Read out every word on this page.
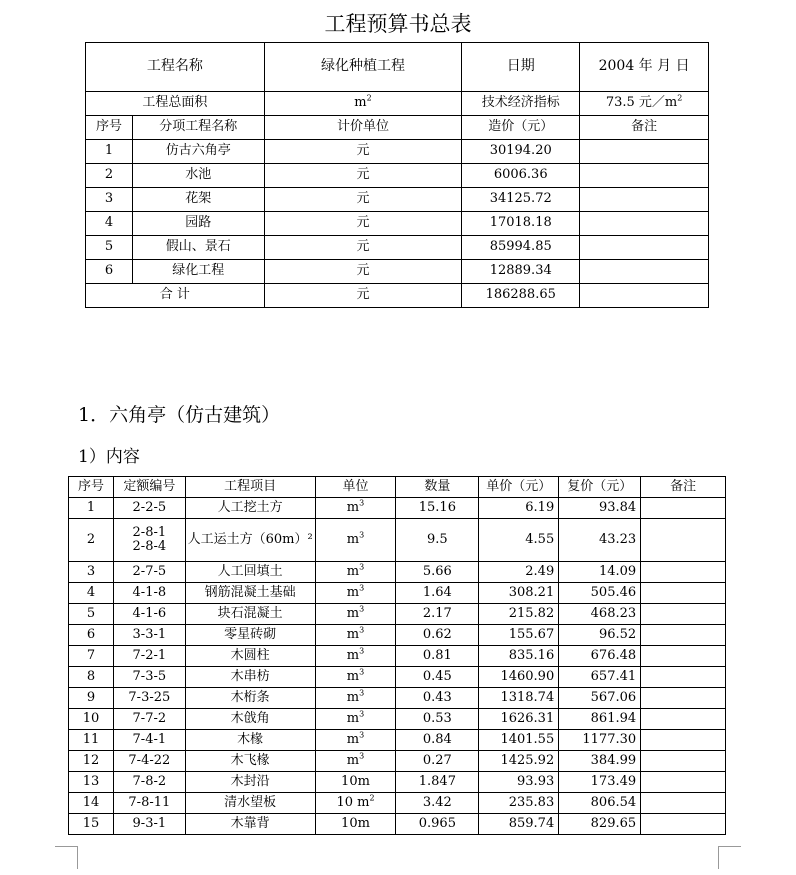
工程预算书总表
工程名称		绿化种植工程	日期	2004 年 月 日
工程总面积		$m^2$	技术经济指标	73.5 元$/m^2$
序号	分项工程名称	计价单位	造价（元）	备注
1	仿古六角亭	元	30194.20	
2	水池	元	6006.36	
3	花架	元	34125.72	
4	园路	元	17018.18	
5	假山、景石	元	85994.85	
6	绿化工程	元	12889.34	
合 计		元	186288.65	
1．六角亭（仿古建筑）
1）内容
序号	定额编号	工程项目	单位	数量	单价（元）	复价（元）	备注
1	2-2-5	人工挖土方	$m^3$	15.16	6.19	93.84	
2	2-8-1
2-8-4	人工运土方（60m）²	$m^3$	9.5	4.55	43.23	
3	2-7-5	人工回填土	$m^3$	5.66	2.49	14.09	
4	4-1-8	钢筋混凝土基础	$m^3$	1.64	308.21	505.46	
5	4-1-6	块石混凝土	$m^3$	2.17	215.82	468.23	
6	3-3-1	零星砖砌	$m^3$	0.62	155.67	96.52	
7	7-2-1	木圆柱	$m^3$	0.81	835.16	676.48	
8	7-3-5	木串枋	$m^3$	0.45	1460.90	657.41	
9	7-3-25	木桁条	$m^3$	0.43	1318.74	567.06	
10	7-7-2	木戗角	$m^3$	0.53	1626.31	861.94	
11	7-4-1	木椽	$m^3$	0.84	1401.55	1177.30	
12	7-4-22	木飞椽	$m^3$	0.27	1425.92	384.99	
13	7-8-2	木封沿	10m	1.847	93.93	173.49	
14	7-8-11	清水望板	10 $m^2$	3.42	235.83	806.54	
15	9-3-1	木靠背	10m	0.965	859.74	829.65	
